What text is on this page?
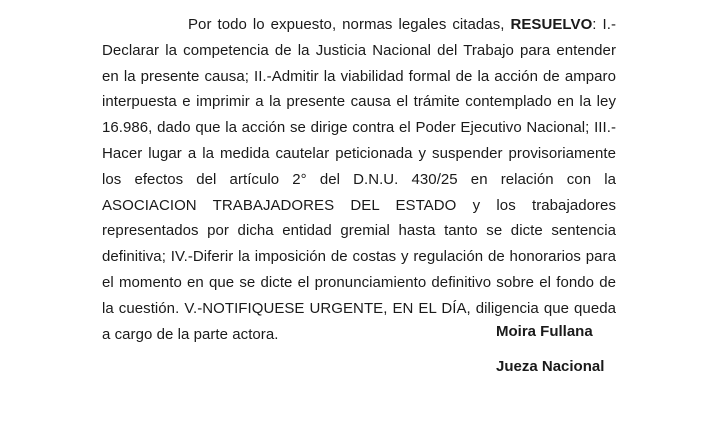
Por todo lo expuesto, normas legales citadas, RESUELVO: I.- Declarar la competencia de la Justicia Nacional del Trabajo para entender en la presente causa; II.-Admitir la viabilidad formal de la acción de amparo interpuesta e imprimir a la presente causa el trámite contemplado en la ley 16.986, dado que la acción se dirige contra el Poder Ejecutivo Nacional; III.- Hacer lugar a la medida cautelar peticionada y suspender provisoriamente los efectos del artículo 2° del D.N.U. 430/25 en relación con la ASOCIACION TRABAJADORES DEL ESTADO y los trabajadores representados por dicha entidad gremial hasta tanto se dicte sentencia definitiva; IV.-Diferir la imposición de costas y regulación de honorarios para el momento en que se dicte el pronunciamiento definitivo sobre el fondo de la cuestión. V.-NOTIFIQUESE URGENTE, EN EL DÍA, diligencia que queda a cargo de la parte actora.	Moira Fullana

Jueza Nacional
